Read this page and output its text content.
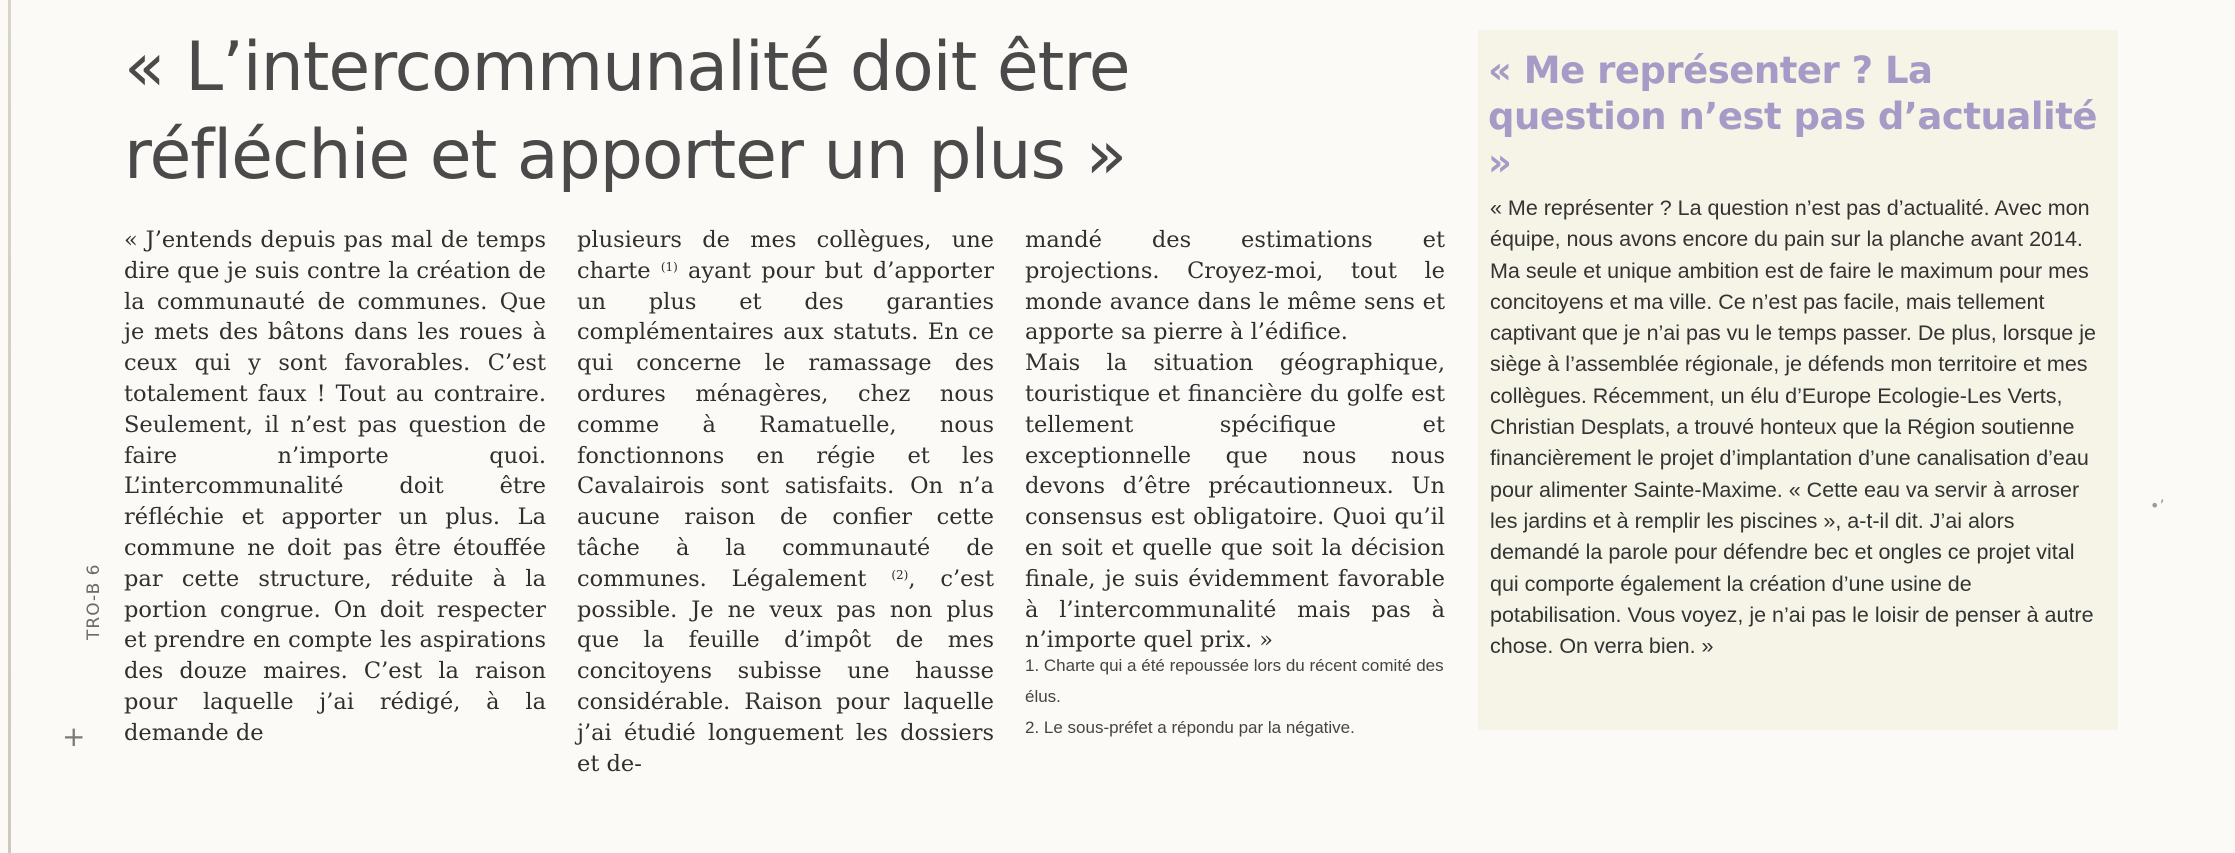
TRO-B 6
+
« L’intercommunalité doit être réfléchie et apporter un plus »

« J’entends depuis pas mal de temps dire que je suis contre la création de la communauté de communes. Que je mets des bâtons dans les roues à ceux qui y sont favorables. C’est totalement faux ! Tout au contraire. Seulement, il n’est pas question de faire n’importe quoi. L’intercommunalité doit être réfléchie et apporter un plus. La commune ne doit pas être étouffée par cette structure, réduite à la portion congrue. On doit respecter et prendre en compte les aspirations des douze maires. C’est la raison pour laquelle j’ai rédigé, à la demande de

plusieurs de mes collègues, une charte $^{(1)}$ ayant pour but d’apporter un plus et des garanties complémentaires aux statuts. En ce qui concerne le ramassage des ordures ménagères, chez nous comme à Ramatuelle, nous fonctionnons en régie et les Cavalairois sont satisfaits. On n’a aucune raison de confier cette tâche à la communauté de communes. Légalement $^{(2)}$, c’est possible. Je ne veux pas non plus que la feuille d’impôt de mes concitoyens subisse une hausse considérable. Raison pour laquelle j’ai étudié longuement les dossiers et de-

mandé des estimations et projections. Croyez-moi, tout le monde avance dans le même sens et apporte sa pierre à l’édifice.

Mais la situation géographique, touristique et financière du golfe est tellement spécifique et exceptionnelle que nous nous devons d’être précautionneux. Un consensus est obligatoire. Quoi qu’il en soit et quelle que soit la décision finale, je suis évidemment favorable à l’intercommunalité mais pas à n’importe quel prix. »

1. Charte qui a été repoussée lors du récent comité des élus.
2. Le sous-préfet a répondu par la négative.
« Me représenter ? La question n’est pas d’actualité »

« Me représenter ? La question n’est pas d’actualité. Avec mon équipe, nous avons encore du pain sur la planche avant 2014. Ma seule et unique ambition est de faire le maximum pour mes concitoyens et ma ville. Ce n’est pas facile, mais tellement captivant que je n’ai pas vu le temps passer. De plus, lorsque je siège à l’assemblée régionale, je défends mon territoire et mes collègues. Récemment, un élu d’Europe Ecologie-Les Verts, Christian Desplats, a trouvé honteux que la Région soutienne financièrement le projet d’implantation d’une canalisation d’eau pour alimenter Sainte-Maxime. « Cette eau va servir à arroser les jardins et à remplir les piscines », a-t-il dit. J’ai alors demandé la parole pour défendre bec et ongles ce projet vital qui comporte également la création d’une usine de potabilisation. Vous voyez, je n’ai pas le loisir de penser à autre chose. On verra bien. »

•’
